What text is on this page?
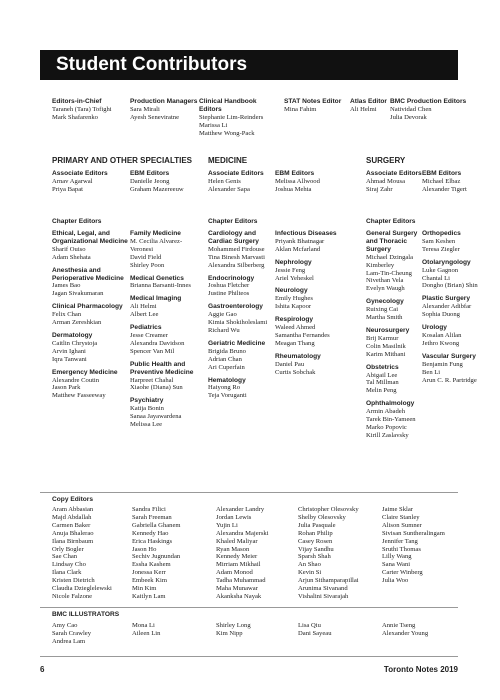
Student Contributors
Editors-in-Chief
Taraneh (Tara) Tofighi
Mark Shafarenko
Production Managers
Sara Mirali
Ayesh Seneviratne
Clinical Handbook
Editors
Stephanie Lim-Reinders
Marissa Li
Matthew Wong-Pack
STAT Notes Editor
Mina Fahim
Atlas Editor
Ali Helmi
BMC Production Editors
Natividad Chen
Julia Devorak
PRIMARY AND OTHER SPECIALTIES
Associate Editors
Arnav Agarwal
Priya Bapat
EBM Editors
Danielle Jeong
Graham Mazereeuw
MEDICINE
Associate Editors
Helen Genis
Alexander Sapa
EBM Editors
Melissa Allwood
Joshua Mehta
SURGERY
Associate Editors
Ahmad Mousa
Siraj Zahr
EBM Editors
Michael Elbaz
Alexander Tigert
Chapter Editors	Chapter Editors	Chapter Editors
Ethical, Legal, and
Organizational Medicine
Sharif Ouiso
Adam Shehata
Anesthesia and
Perioperative Medicine
James Bao
Jagan Sivakumaran
Clinical Pharmacology
Felix Chan
Arman Zereshkian
Dermatology
Caitlin Chrystoja
Arvin Ighani
Iqra Tanwani
Emergency Medicine
Alexandre Coutin
Jason Park
Matthew Fasseeway
Family Medicine
M. Cecilia Alvarez-
Veronesi
David Field
Shirley Poon
Medical Genetics
Brianna Barsanti-Innes
Medical Imaging
Ali Helmi
Albert Lee
Pediatrics
Jesse Creamer
Alexandra Davidson
Spencer Van Mil
Public Health and
Preventive Medicine
Harpreet Chahal
Xiaohe (Diana) Sun
Psychiatry
Katija Bonin
Sanaa Jayawardena
Melissa Lee
Cardiology and
Cardiac Surgery
Mohammed Firdouse
Tina Binesh Marvasti
Alexandra Silberberg
Endocrinology
Joshua Fletcher
Justine Philteos
Gastroenterology
Aggie Gao
Kimia Shokiholeslami
Richard Wu
Geriatric Medicine
Brigida Bruno
Adrian Chan
Ari Cuperfain
Hematology
Haiyong Ro
Teja Voruganti
Infectious Diseases
Priyank Bhatnagar
Aklan Mcfarland
Nephrology
Jessie Feng
Ariel Yeheskel
Neurology
Emily Hughes
Ishita Kapoor
Respirology
Waleed Ahmed
Samantha Fernandes
Meagan Thang
Rheumatology
Daniel Pau
Curtis Sobchak
General Surgery
and Thoracic
Surgery
Michael Dzingala
Kimberley
Lam-Tin-Cheung
Nivethan Vela
Evelyn Waugh
Gynecology
Ruixing Cai
Martha Smith
Neurosurgery
Brij Karmur
Colin Masilnik
Karim Mithani
Obstetrics
Abigail Lee
Tal Millman
Melin Peng
Ophthalmology
Armin Abadeh
Tarek Bin-Yameen
Marko Popovic
Kirill Zaslavsky
Orthopedics
Sam Keshen
Teresa Ziegler
Otolaryngology
Luke Gagnon
Chantal Li
Dongho (Brian) Shin
Plastic Surgery
Alexander Adibfar
Sophia Duong
Urology
Kosalan Alilan
Jethro Kwong
Vascular Surgery
Benjamin Fung
Ben Li
Arun C. R. Partridge
Copy Editors
Aram Abbasian
Majd Abdallah
Carmen Baker
Anuja Bhalerao
Ilana Birnbaum
Orly Bogler
Sae Chan
Lindsay Cho
Ilana Clark
Kristen Dietrich
Claudia Dzieglelewski
Nicole Falzone
Sandra Filici
Sarah Freeman
Gabriella Ghanem
Kennedy Hao
Erica Haskings
Jason Ho
Sechiv Jugnundan
Essha Kashem
Jonessa Kerr
Embeek Kim
Min Kim
Kaitlyn Lam
Alexander Landry
Jordan Lewis
Yujin Li
Alexandra Majerski
Khaled Maliyar
Ryan Mason
Kennedy Meier
Mirriam Mikhail
Adam Monod
Tadha Muhammad
Maha Munawar
Akanksha Nayak
Christopher Olesovsky
Shelby Olesovsky
Julia Pasquale
Rohan Philip
Casey Rosen
Vijay Sandhu
Sparsh Shah
An Shao
Kevin Si
Arjun Sithamparapillai
Arunima Sivanand
Vishalini Sivarajah
Jaime Sklar
Claire Stanley
Alison Sumner
Sivisan Suntheralingam
Jennifer Tang
Sruthi Thomas
Lilly Wang
Sana Wani
Carter Winberg
Julia Woo
BMC ILLUSTRATORS
Amy Cao
Sarah Crawley
Andrea Lam
Mona Li
Aileen Lin
Shirley Long
Kim Nipp
Lisa Qiu
Dani Sayeau
Annie Tseng
Alexander Young
6	Toronto Notes 2019
